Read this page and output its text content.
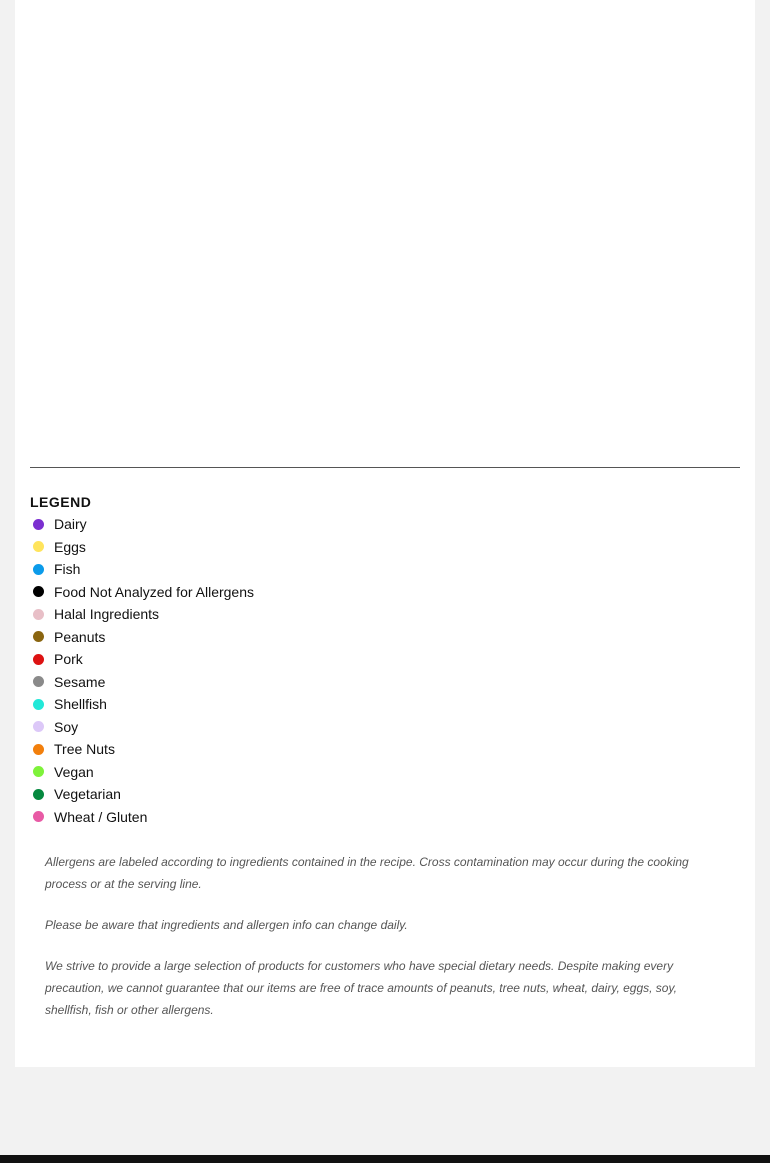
LEGEND
Dairy
Eggs
Fish
Food Not Analyzed for Allergens
Halal Ingredients
Peanuts
Pork
Sesame
Shellfish
Soy
Tree Nuts
Vegan
Vegetarian
Wheat / Gluten

Allergens are labeled according to ingredients contained in the recipe. Cross contamination may occur during the cooking process or at the serving line.

Please be aware that ingredients and allergen info can change daily.

We strive to provide a large selection of products for customers who have special dietary needs. Despite making every precaution, we cannot guarantee that our items are free of trace amounts of peanuts, tree nuts, wheat, dairy, eggs, soy, shellfish, fish or other allergens.
